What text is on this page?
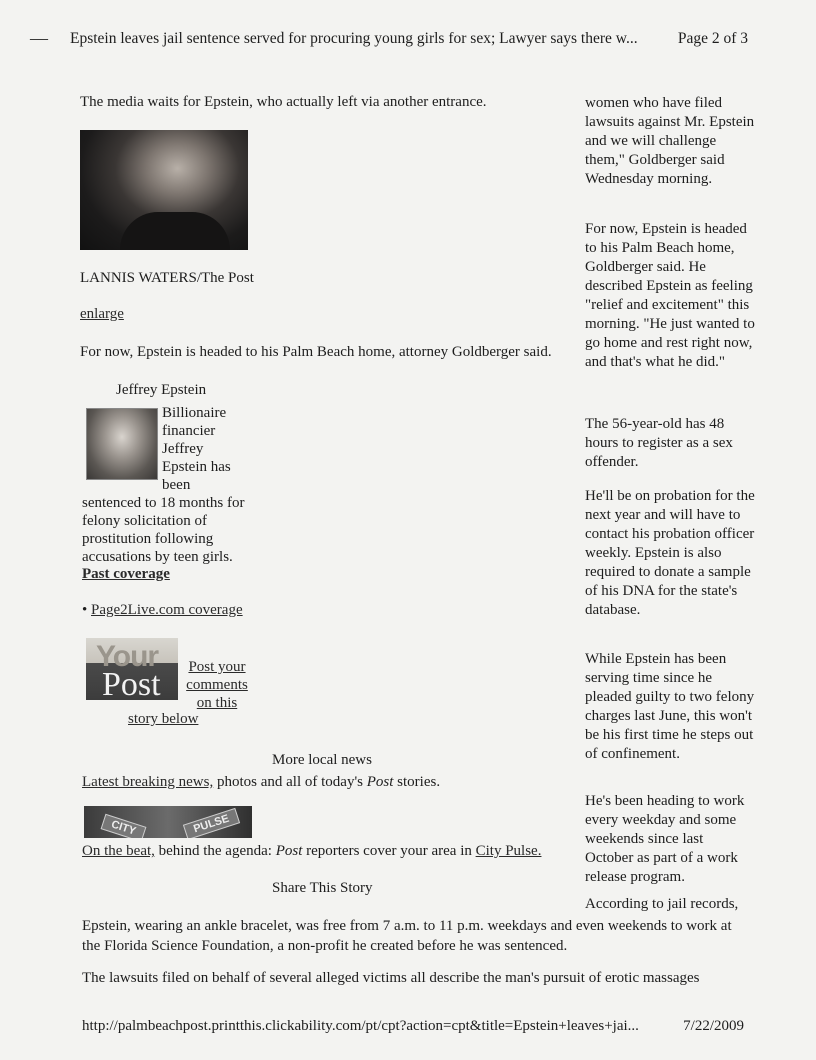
— Epstein leaves jail sentence served for procuring young girls for sex; Lawyer says there w...	Page 2 of 3
The media waits for Epstein, who actually left via another entrance.
LANNIS WATERS/The Post
enlarge
For now, Epstein is headed to his Palm Beach home, attorney Goldberger said.
Jeffrey Epstein
Billionaire financier Jeffrey Epstein has been
sentenced to 18 months for felony solicitation of prostitution following accusations by teen girls.
Past coverage
• Page2Live.com coverage
Your
Post	Post your comments on this
story below
More local news
Latest breaking news, photos and all of today's Post stories.
CITY	PULSE
On the beat, behind the agenda: Post reporters cover your area in City Pulse.
Share This Story
women who have filed lawsuits against Mr. Epstein and we will challenge them," Goldberger said Wednesday morning.
For now, Epstein is headed to his Palm Beach home, Goldberger said. He described Epstein as feeling "relief and excitement" this morning. "He just wanted to go home and rest right now, and that's what he did."
The 56-year-old has 48 hours to register as a sex offender.
He'll be on probation for the next year and will have to contact his probation officer weekly. Epstein is also required to donate a sample of his DNA for the state's database.
While Epstein has been serving time since he pleaded guilty to two felony charges last June, this won't be his first time he steps out of confinement.
He's been heading to work every weekday and some weekends since last October as part of a work release program.
According to jail records,

Epstein, wearing an ankle bracelet, was free from 7 a.m. to 11 p.m. weekdays and even weekends to work at the Florida Science Foundation, a non-profit he created before he was sentenced.
The lawsuits filed on behalf of several alleged victims all describe the man's pursuit of erotic massages
http://palmbeachpost.printthis.clickability.com/pt/cpt?action=cpt&title=Epstein+leaves+jai...	7/22/2009
